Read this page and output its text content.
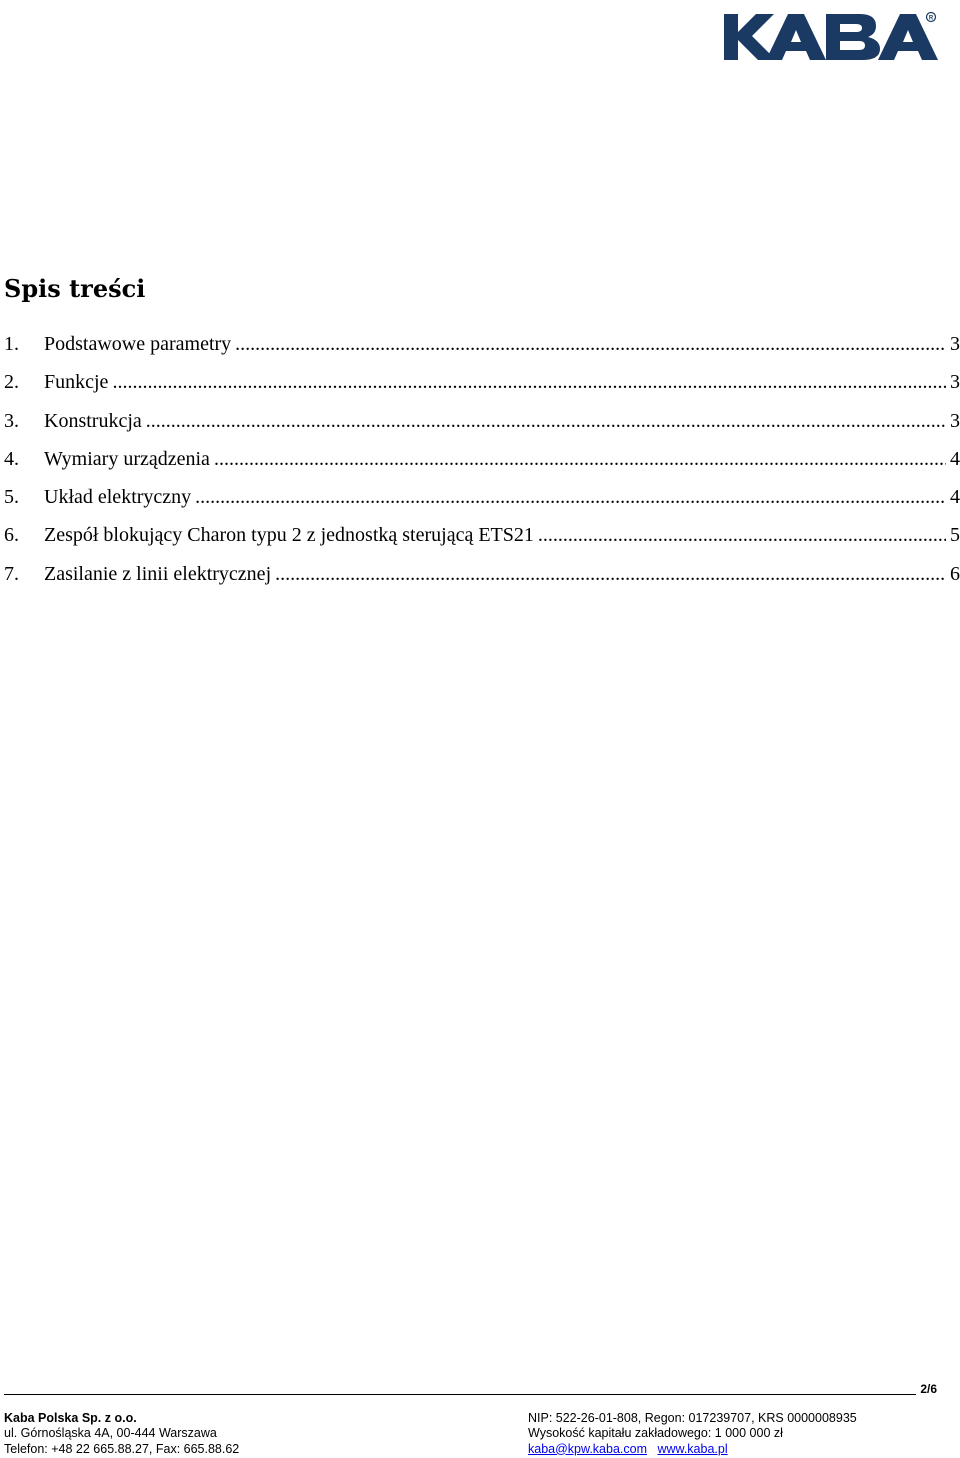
R
Spis treści
1.	Podstawowe parametry .....	3
2.	Funkcje .....	3
3.	Konstrukcja .....	3
4.	Wymiary urządzenia .....	4
5.	Układ elektryczny .....	4
6.	Zespół blokujący Charon typu 2 z jednostką sterującą ETS21 .....	5
7.	Zasilanie z linii elektrycznej .....	6
2/6
Kaba Polska Sp. z o.o.
ul. Górnośląska 4A, 00-444 Warszawa
Telefon: +48 22 665.88.27, Fax: 665.88.62
NIP: 522-26-01-808, Regon: 017239707, KRS 0000008935
Wysokość kapitału zakładowego: 1 000 000 zł
kaba@kpw.kaba.com www.kaba.pl
